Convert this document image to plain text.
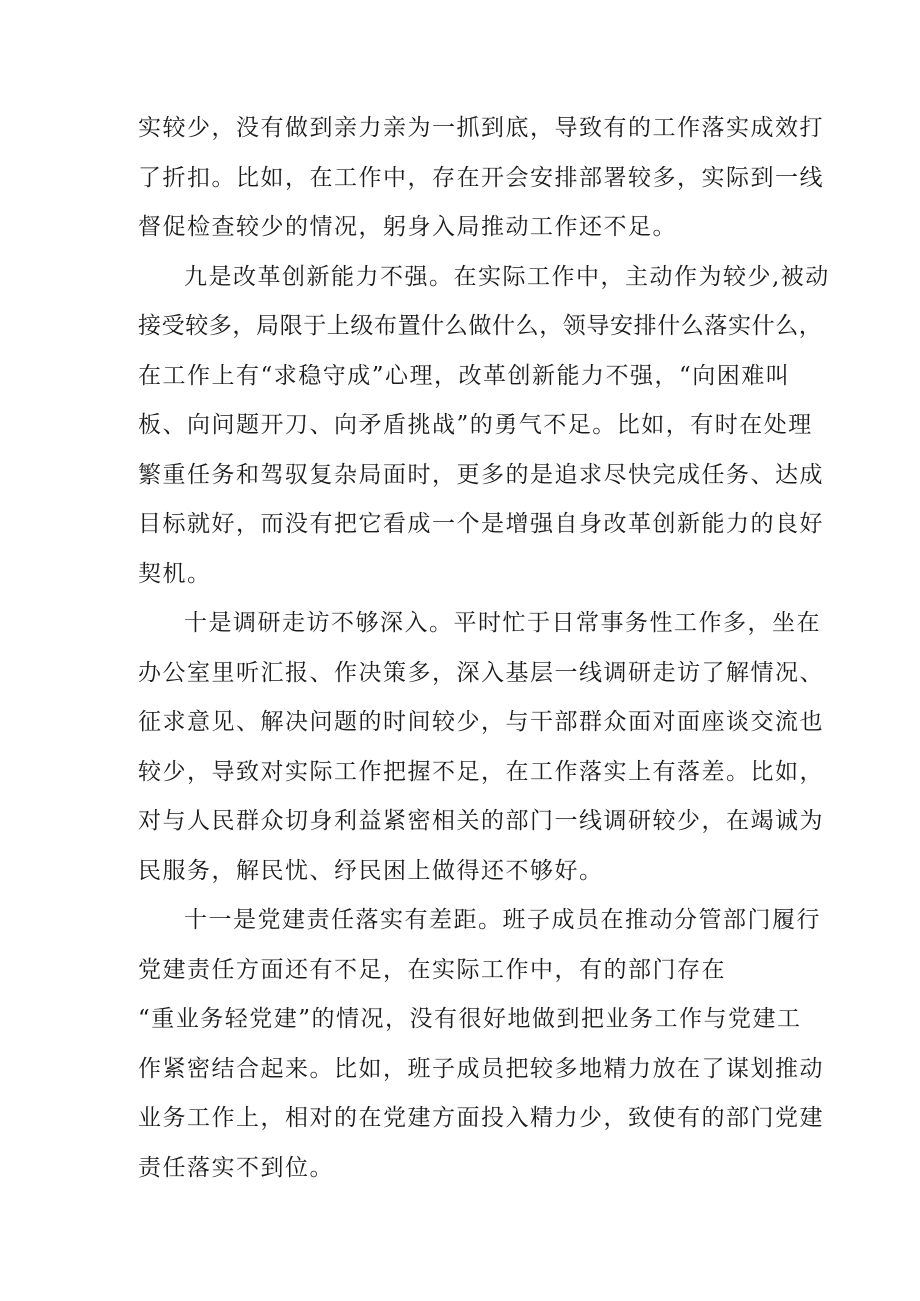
实较少，没有做到亲力亲为一抓到底，导致有的工作落实成效打
了折扣。比如，在工作中，存在开会安排部署较多，实际到一线
督促检查较少的情况，躬身入局推动工作还不足。
九是改革创新能力不强。在实际工作中，主动作为较少,被动
接受较多，局限于上级布置什么做什么，领导安排什么落实什么，
在工作上有“求稳守成”心理，改革创新能力不强，“向困难叫
板、向问题开刀、向矛盾挑战”的勇气不足。比如，有时在处理
繁重任务和驾驭复杂局面时，更多的是追求尽快完成任务、达成
目标就好，而没有把它看成一个是增强自身改革创新能力的良好
契机。
十是调研走访不够深入。平时忙于日常事务性工作多，坐在
办公室里听汇报、作决策多，深入基层一线调研走访了解情况、
征求意见、解决问题的时间较少，与干部群众面对面座谈交流也
较少，导致对实际工作把握不足，在工作落实上有落差。比如，
对与人民群众切身利益紧密相关的部门一线调研较少，在竭诚为
民服务，解民忧、纾民困上做得还不够好。
十一是党建责任落实有差距。班子成员在推动分管部门履行
党建责任方面还有不足，在实际工作中，有的部门存在
“重业务轻党建”的情况，没有很好地做到把业务工作与党建工
作紧密结合起来。比如，班子成员把较多地精力放在了谋划推动
业务工作上，相对的在党建方面投入精力少，致使有的部门党建
责任落实不到位。
